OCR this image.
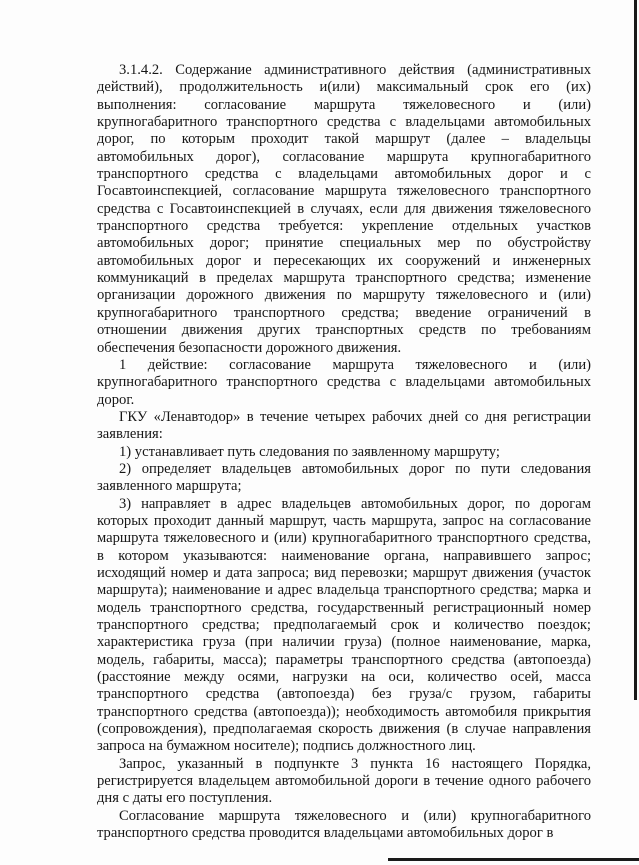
3.1.4.2. Содержание административного действия (административных действий), продолжительность и(или) максимальный срок его (их) выполнения: согласование маршрута тяжеловесного и (или) крупногабаритного транспортного средства с владельцами автомобильных дорог, по которым проходит такой маршрут (далее – владельцы автомобильных дорог), согласование маршрута крупногабаритного транспортного средства с владельцами автомобильных дорог и с Госавтоинспекцией, согласование маршрута тяжеловесного транспортного средства с Госавтоинспекцией в случаях, если для движения тяжеловесного транспортного средства требуется: укрепление отдельных участков автомобильных дорог; принятие специальных мер по обустройству автомобильных дорог и пересекающих их сооружений и инженерных коммуникаций в пределах маршрута транспортного средства; изменение организации дорожного движения по маршруту тяжеловесного и (или) крупногабаритного транспортного средства; введение ограничений в отношении движения других транспортных средств по требованиям обеспечения безопасности дорожного движения.

1 действие: согласование маршрута тяжеловесного и (или) крупногабаритного транспортного средства с владельцами автомобильных дорог.

ГКУ «Ленавтодор» в течение четырех рабочих дней со дня регистрации заявления:

1) устанавливает путь следования по заявленному маршруту;

2) определяет владельцев автомобильных дорог по пути следования заявленного маршрута;

3) направляет в адрес владельцев автомобильных дорог, по дорогам которых проходит данный маршрут, часть маршрута, запрос на согласование маршрута тяжеловесного и (или) крупногабаритного транспортного средства, в котором указываются: наименование органа, направившего запрос; исходящий номер и дата запроса; вид перевозки; маршрут движения (участок маршрута); наименование и адрес владельца транспортного средства; марка и модель транспортного средства, государственный регистрационный номер транспортного средства; предполагаемый срок и количество поездок; характеристика груза (при наличии груза) (полное наименование, марка, модель, габариты, масса); параметры транспортного средства (автопоезда) (расстояние между осями, нагрузки на оси, количество осей, масса транспортного средства (автопоезда) без груза/с грузом, габариты транспортного средства (автопоезда)); необходимость автомобиля прикрытия (сопровождения), предполагаемая скорость движения (в случае направления запроса на бумажном носителе); подпись должностного лиц.

Запрос, указанный в подпункте 3 пункта 16 настоящего Порядка, регистрируется владельцем автомобильной дороги в течение одного рабочего дня с даты его поступления.

Согласование маршрута тяжеловесного и (или) крупногабаритного транспортного средства проводится владельцами автомобильных дорог в
